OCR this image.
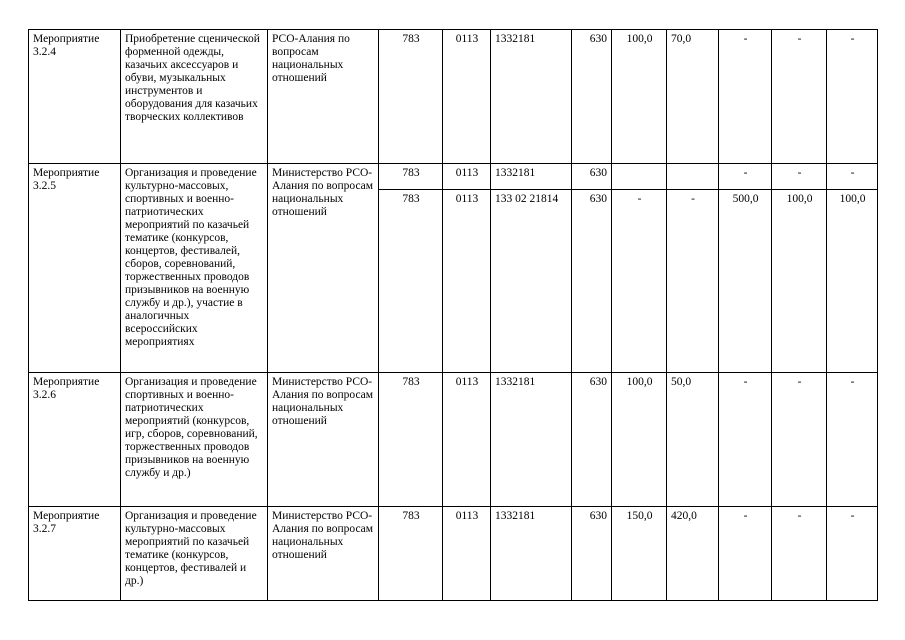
Мероприятие 3.2.4	Приобретение сценической форменной одежды, казачьих аксессуаров и обуви, музыкальных инструментов и оборудования для казачьих творческих коллективов	РСО-Алания по вопросам национальных отношений	783	0113	1332181	630	100,0	70,0	-	-	-
Мероприятие 3.2.5	Организация и проведение культурно-массовых, спортивных и военно-патриотических мероприятий по казачьей тематике (конкурсов, концертов, фестивалей, сборов, соревнований, торжественных проводов призывников на военную службу и др.), участие в аналогичных всероссийских мероприятиях	Министерство РСО-Алания по вопросам национальных отношений	783	0113	1332181	630			-	-	-
			783	0113	133 02 21814	630	-	-	500,0	100,0	100,0
Мероприятие 3.2.6	Организация и проведение спортивных и военно-патриотических мероприятий (конкурсов, игр, сборов, соревнований, торжественных проводов призывников на военную службу и др.)	Министерство РСО-Алания по вопросам национальных отношений	783	0113	1332181	630	100,0	50,0	-	-	-
Мероприятие 3.2.7	Организация и проведение культурно-массовых мероприятий по казачьей тематике (конкурсов, концертов, фестивалей и др.)	Министерство РСО-Алания по вопросам национальных отношений	783	0113	1332181	630	150,0	420,0	-	-	-
